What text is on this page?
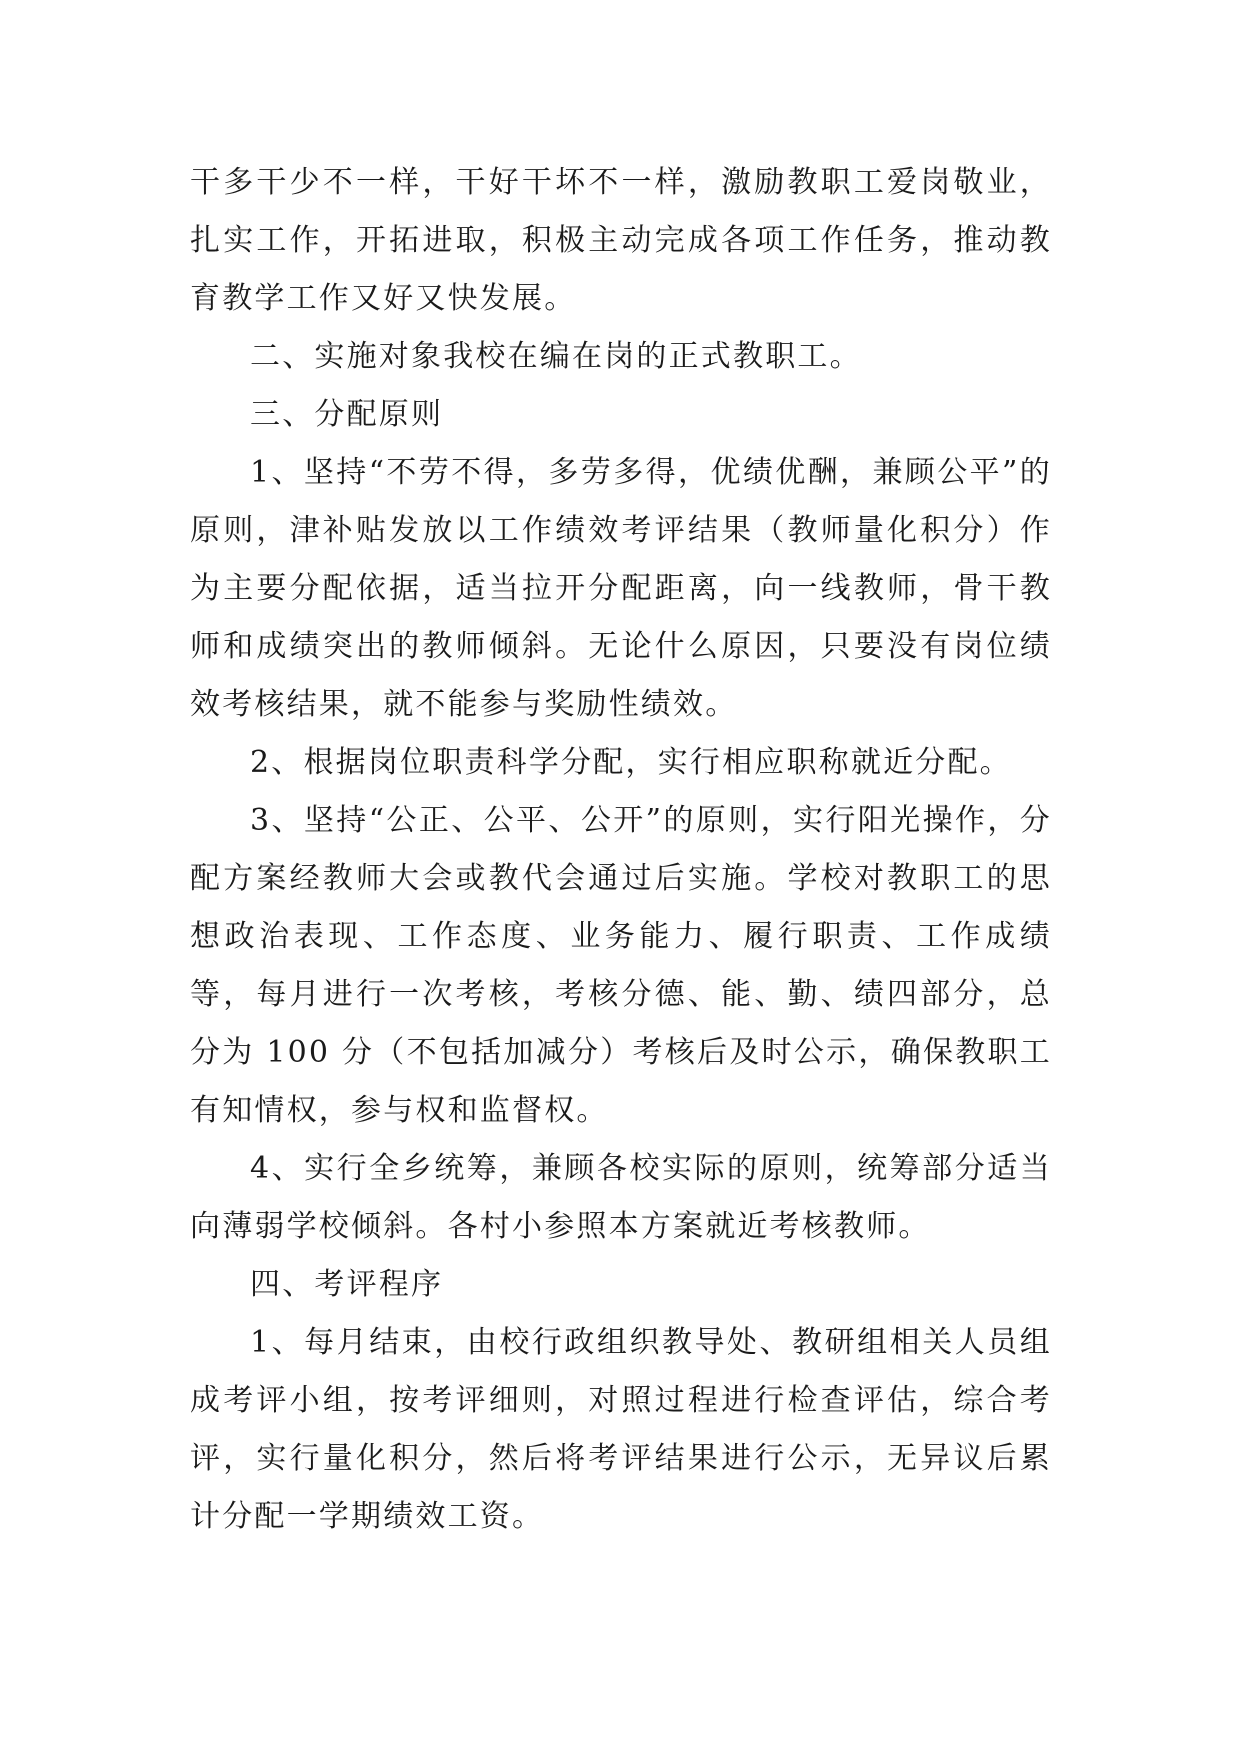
干多干少不一样，干好干坏不一样，激励教职工爱岗敬业，扎实工作，开拓进取，积极主动完成各项工作任务，推动教育教学工作又好又快发展。

二、实施对象我校在编在岗的正式教职工。

三、分配原则

1、坚持“不劳不得，多劳多得，优绩优酬，兼顾公平”的原则，津补贴发放以工作绩效考评结果（教师量化积分）作为主要分配依据，适当拉开分配距离，向一线教师，骨干教师和成绩突出的教师倾斜。无论什么原因，只要没有岗位绩效考核结果，就不能参与奖励性绩效。

2、根据岗位职责科学分配，实行相应职称就近分配。

3、坚持“公正、公平、公开”的原则，实行阳光操作，分配方案经教师大会或教代会通过后实施。学校对教职工的思想政治表现、工作态度、业务能力、履行职责、工作成绩等，每月进行一次考核，考核分德、能、勤、绩四部分，总分为 100 分（不包括加减分）考核后及时公示，确保教职工有知情权，参与权和监督权。

4、实行全乡统筹，兼顾各校实际的原则，统筹部分适当向薄弱学校倾斜。各村小参照本方案就近考核教师。

四、考评程序

1、每月结束，由校行政组织教导处、教研组相关人员组成考评小组，按考评细则，对照过程进行检查评估，综合考评，实行量化积分，然后将考评结果进行公示，无异议后累计分配一学期绩效工资。
